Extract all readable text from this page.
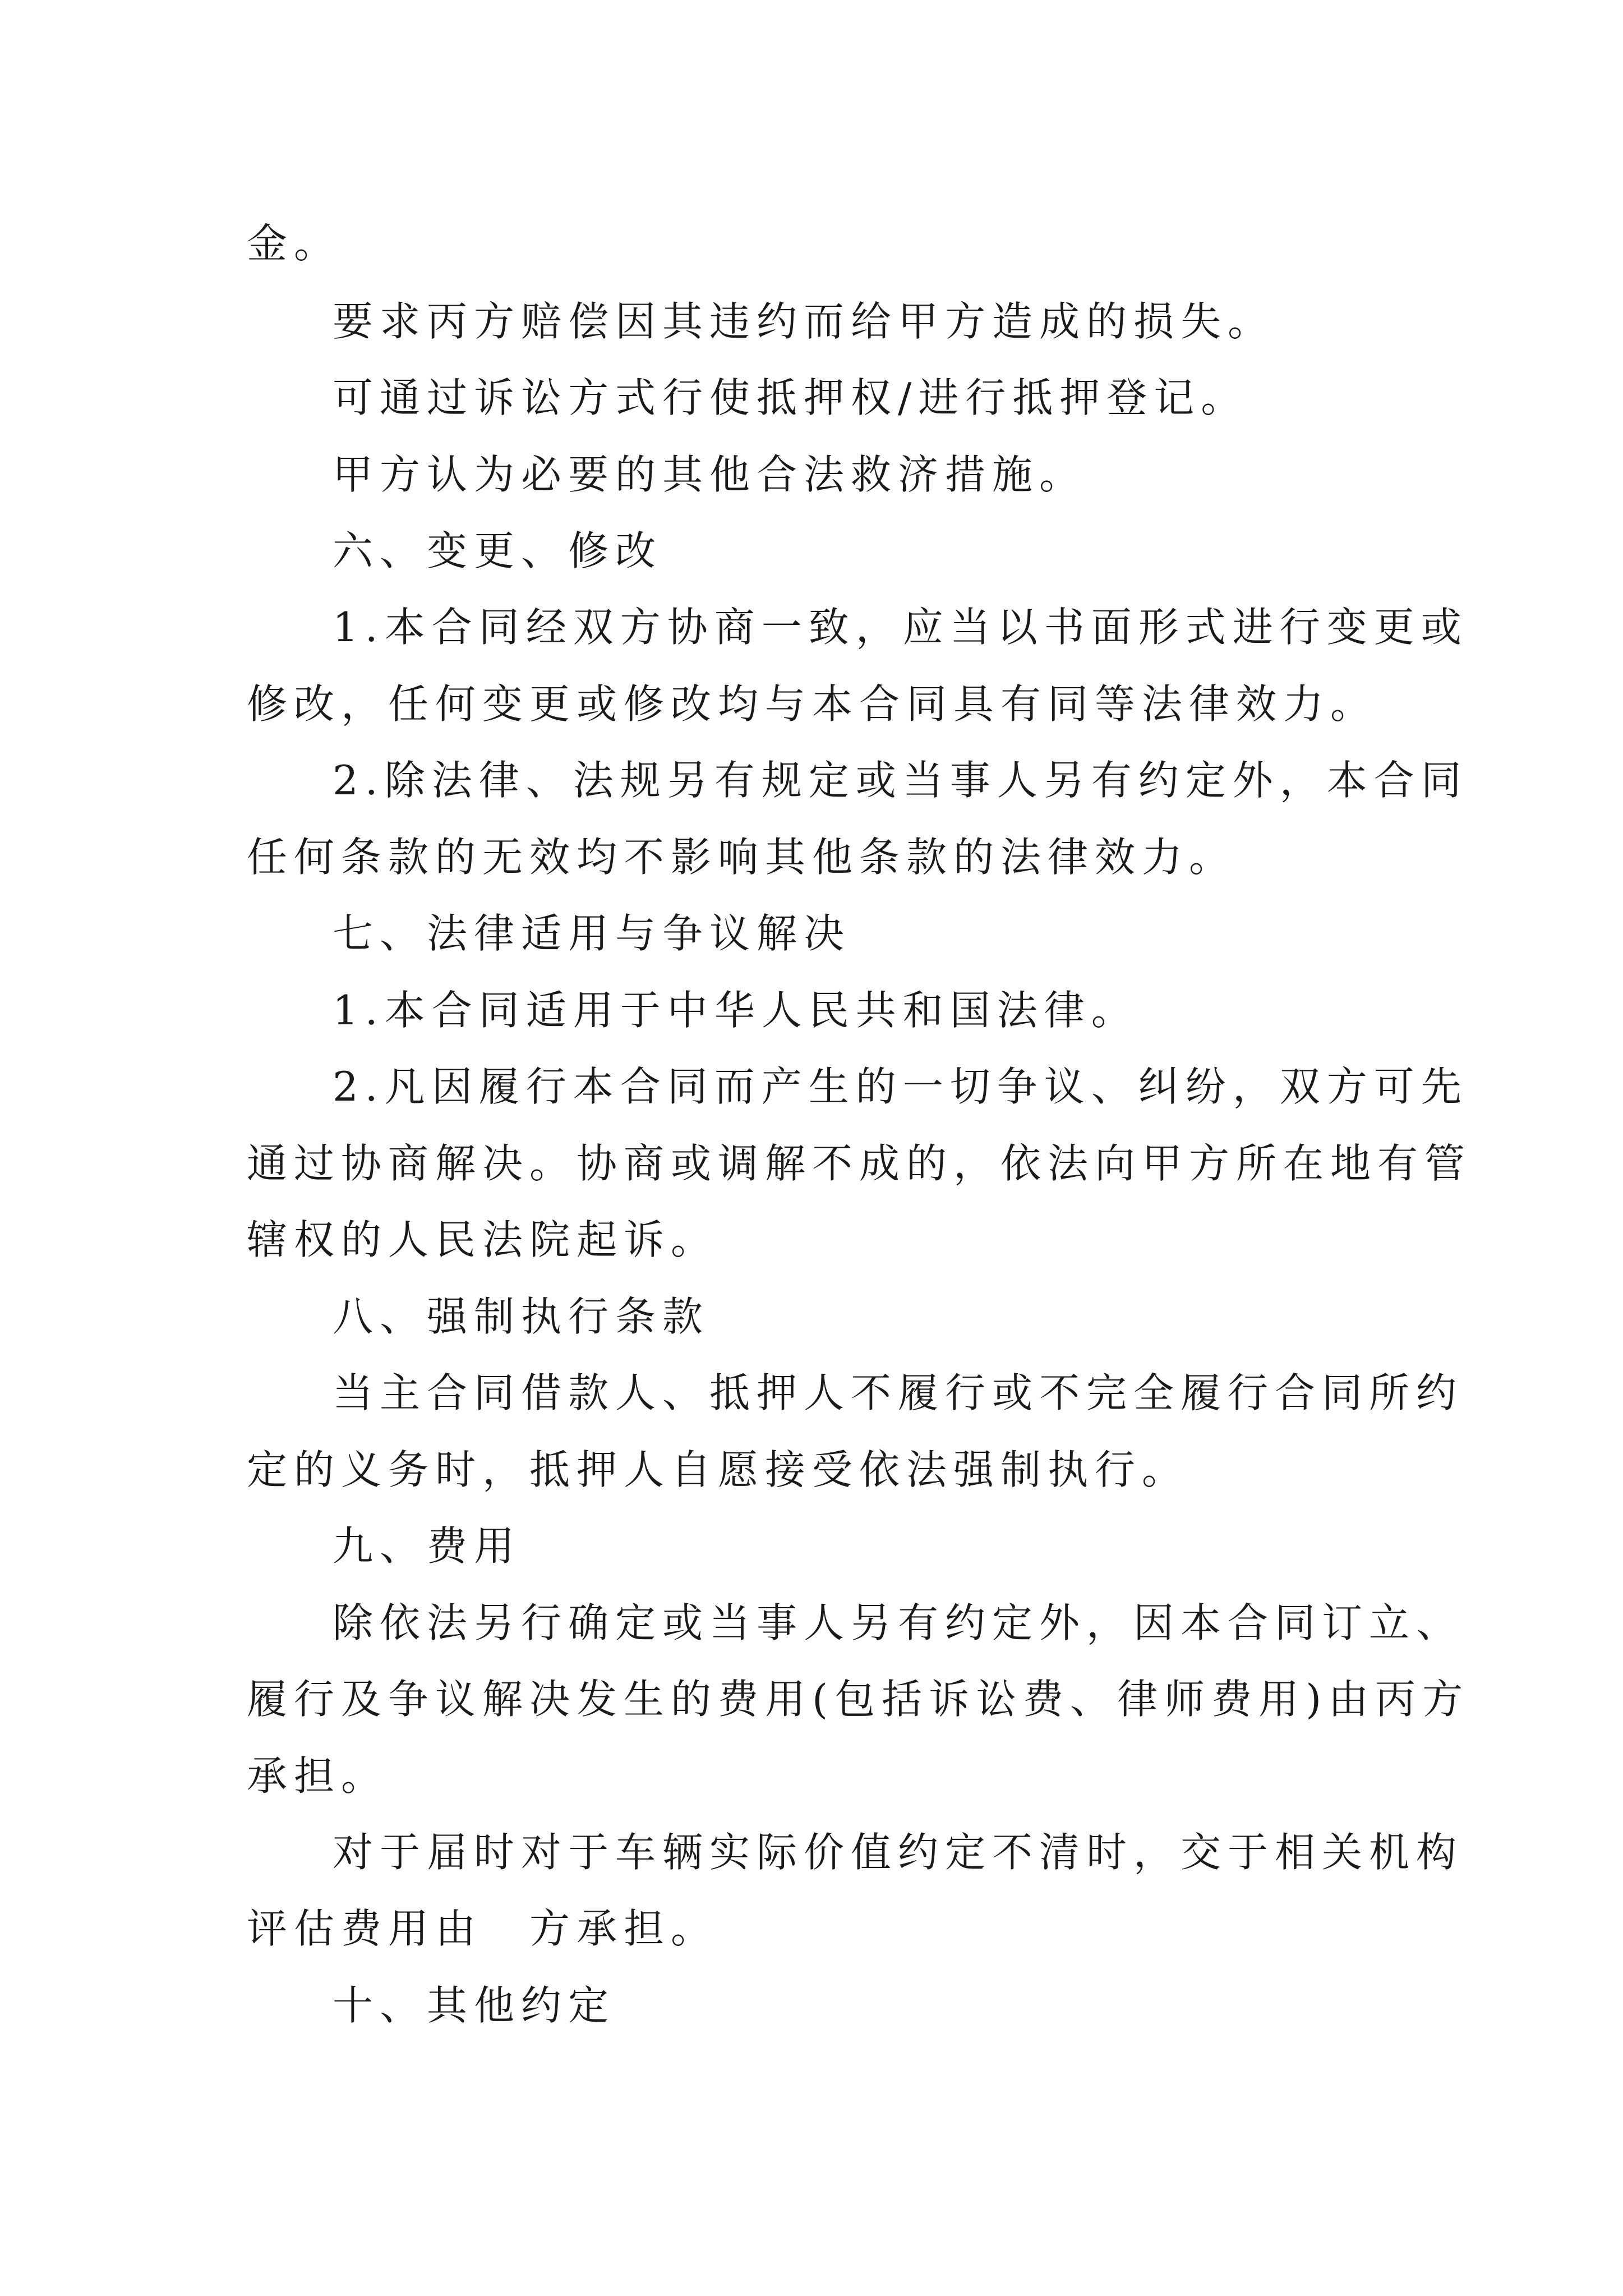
金。

要求丙方赔偿因其违约而给甲方造成的损失。

可通过诉讼方式行使抵押权/进行抵押登记。

甲方认为必要的其他合法救济措施。

六、变更、修改

1.本合同经双方协商一致，应当以书面形式进行变更或

修改，任何变更或修改均与本合同具有同等法律效力。

2.除法律、法规另有规定或当事人另有约定外，本合同

任何条款的无效均不影响其他条款的法律效力。

七、法律适用与争议解决

1.本合同适用于中华人民共和国法律。

2.凡因履行本合同而产生的一切争议、纠纷，双方可先

通过协商解决。协商或调解不成的，依法向甲方所在地有管

辖权的人民法院起诉。

八、强制执行条款

当主合同借款人、抵押人不履行或不完全履行合同所约

定的义务时，抵押人自愿接受依法强制执行。

九、费用

除依法另行确定或当事人另有约定外，因本合同订立、

履行及争议解决发生的费用(包括诉讼费、律师费用)由丙方

承担。

对于届时对于车辆实际价值约定不清时，交于相关机构

评估费用由　方承担。

十、其他约定
